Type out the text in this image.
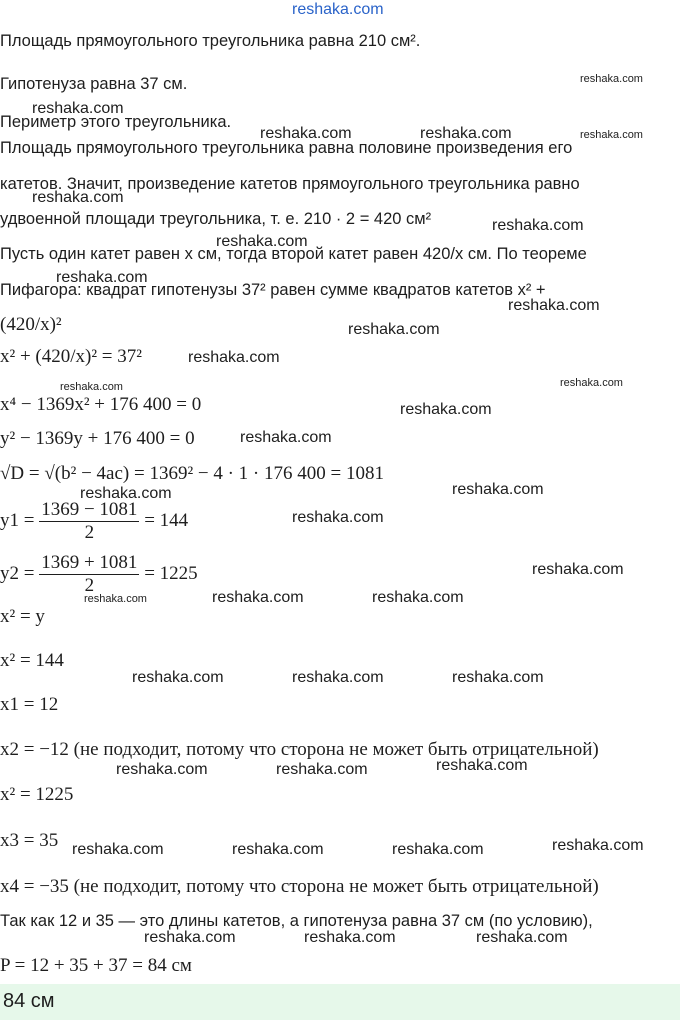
reshaka.com
Площадь прямоугольного треугольника равна 210 см².
Гипотенуза равна 37 см.
Периметр этого треугольника.
Площадь прямоугольного треугольника равна половине произведения его
катетов. Значит, произведение катетов прямоугольного треугольника равно
удвоенной площади треугольника, т. е. 210 · 2 = 420 см²
Пусть один катет равен x см, тогда второй катет равен 420/x см. По теореме
Пифагора: квадрат гипотенузы 37² равен сумме квадратов катетов x² +
(420/x)²
x² + (420/x)² = 37²
x⁴ − 1369x² + 176 400 = 0
y² − 1369y + 176 400 = 0
√D = √(b² − 4ac) = 1369² − 4 · 1 · 176 400 = 1081
$y1 = \frac{1369 - 1081}{2} = 144$
$y2 = \frac{1369 + 1081}{2} = 1225$
x² = y
x² = 144
x1 = 12
x2 = −12 (не подходит, потому что сторона не может быть отрицательной)
x² = 1225
x3 = 35
x4 = −35 (не подходит, потому что сторона не может быть отрицательной)
Так как 12 и 35 — это длины катетов, а гипотенуза равна 37 см (по условию),
P = 12 + 35 + 37 = 84 см
84 см
reshaka.com
reshaka.com
reshaka.com	reshaka.com	reshaka.com
reshaka.com
reshaka.com
reshaka.com
reshaka.com
reshaka.com
reshaka.com
reshaka.com
reshaka.com	reshaka.com
reshaka.com
reshaka.com
reshaka.com	reshaka.com
reshaka.com
reshaka.com
reshaka.com	reshaka.com	reshaka.com
reshaka.com	reshaka.com	reshaka.com
reshaka.com	reshaka.com	reshaka.com
reshaka.com	reshaka.com	reshaka.com	reshaka.com
reshaka.com	reshaka.com	reshaka.com
